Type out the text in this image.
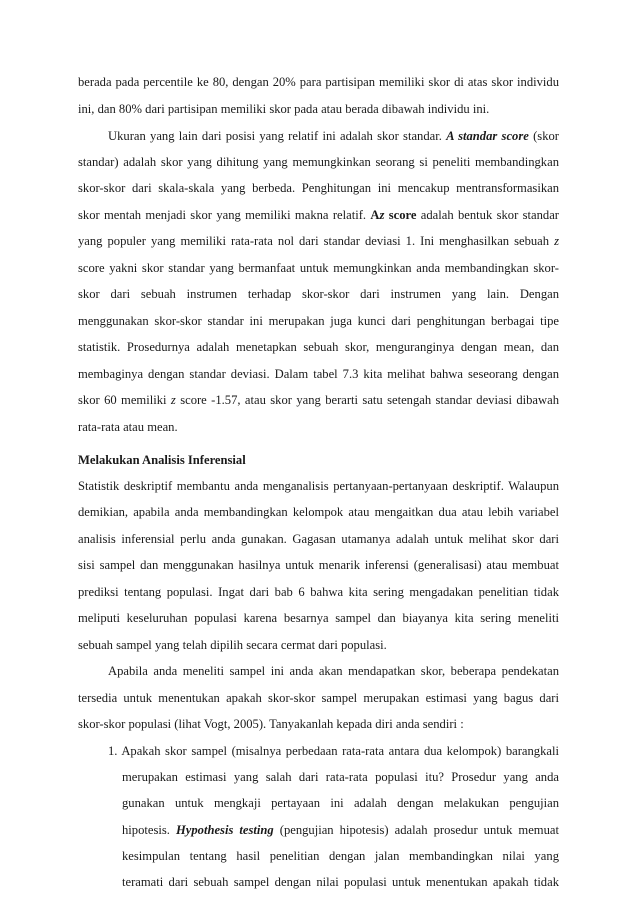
berada pada percentile ke 80, dengan 20% para partisipan memiliki skor di atas skor individu
ini, dan 80% dari partisipan memiliki skor pada atau berada dibawah individu ini.
Ukuran yang lain dari posisi yang relatif ini adalah skor standar. A standar score (skor
standar) adalah skor yang dihitung yang memungkinkan seorang si peneliti membandingkan
skor-skor dari skala-skala yang berbeda. Penghitungan ini mencakup mentransformasikan
skor mentah menjadi skor yang memiliki makna relatif. Az score adalah bentuk skor standar
yang populer yang memiliki rata-rata nol dari standar deviasi 1. Ini menghasilkan sebuah z
score yakni skor standar yang bermanfaat untuk memungkinkan anda membandingkan skor-
skor dari sebuah instrumen terhadap skor-skor dari instrumen yang lain. Dengan
menggunakan skor-skor standar ini merupakan juga kunci dari penghitungan berbagai tipe
statistik. Prosedurnya adalah menetapkan sebuah skor, menguranginya dengan mean, dan
membaginya dengan standar deviasi. Dalam tabel 7.3 kita melihat bahwa seseorang dengan
skor 60 memiliki z score -1.57, atau skor yang berarti satu setengah standar deviasi dibawah
rata-rata atau mean.
Melakukan Analisis Inferensial
Statistik deskriptif membantu anda menganalisis pertanyaan-pertanyaan deskriptif. Walaupun
demikian, apabila anda membandingkan kelompok atau mengaitkan dua atau lebih variabel
analisis inferensial perlu anda gunakan. Gagasan utamanya adalah untuk melihat skor dari
sisi sampel dan menggunakan hasilnya untuk menarik inferensi (generalisasi) atau membuat
prediksi tentang populasi. Ingat dari bab 6 bahwa kita sering mengadakan penelitian tidak
meliputi keseluruhan populasi karena besarnya sampel dan biayanya kita sering meneliti
sebuah sampel yang telah dipilih secara cermat dari populasi.
Apabila anda meneliti sampel ini anda akan mendapatkan skor, beberapa pendekatan
tersedia untuk menentukan apakah skor-skor sampel merupakan estimasi yang bagus dari
skor-skor populasi (lihat Vogt, 2005). Tanyakanlah kepada diri anda sendiri :
1. Apakah skor sampel (misalnya perbedaan rata-rata antara dua kelompok) barangkali
merupakan estimasi yang salah dari rata-rata populasi itu? Prosedur yang anda
gunakan untuk mengkaji pertayaan ini adalah dengan melakukan pengujian
hipotesis. Hypothesis testing (pengujian hipotesis) adalah prosedur untuk memuat
kesimpulan tentang hasil penelitian dengan jalan membandingkan nilai yang
teramati dari sebuah sampel dengan nilai populasi untuk menentukan apakah tidak
